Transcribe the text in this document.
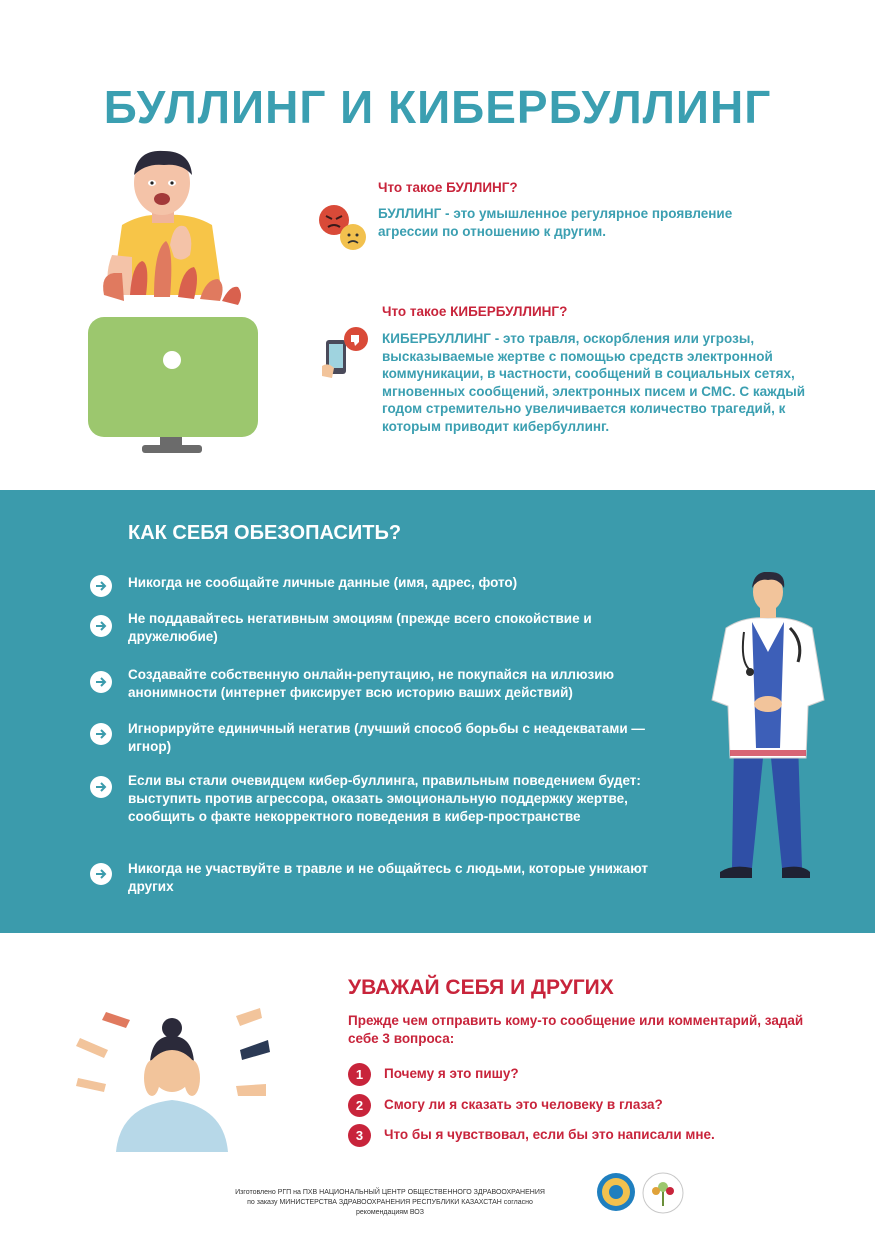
БУЛЛИНГ И КИБЕРБУЛЛИНГ
Что такое БУЛЛИНГ?
БУЛЛИНГ - это умышленное регулярное проявление агрессии по отношению к другим.
Что такое КИБЕРБУЛЛИНГ?
КИБЕРБУЛЛИНГ - это травля, оскорбления или угрозы, высказываемые жертве с помощью средств электронной коммуникации, в частности, сообщений в социальных сетях, мгновенных сообщений, электронных писем и СМС. С каждый годом стремительно увеличивается количество трагедий, к которым приводит кибербуллинг.
КАК СЕБЯ ОБЕЗОПАСИТЬ?
Никогда не сообщайте личные данные (имя, адрес, фото)
Не поддавайтесь негативным эмоциям (прежде всего спокойствие и дружелюбие)
Создавайте собственную онлайн-репутацию, не покупайся на иллюзию анонимности (интернет фиксирует всю историю ваших действий)
Игнорируйте единичный негатив (лучший способ борьбы с неадекватами — игнор)
Если вы стали очевидцем кибер-буллинга, правильным поведением будет: выступить против агрессора, оказать эмоциональную поддержку жертве, сообщить о факте некорректного поведения в кибер-пространстве
Никогда не участвуйте в травле и не общайтесь с людьми, которые унижают других
УВАЖАЙ СЕБЯ И ДРУГИХ
Прежде чем отправить кому-то сообщение или комментарий, задай себе 3 вопроса:
1	Почему я это пишу?
2	Смогу ли я сказать это человеку в глаза?
3	Что бы я чувствовал, если бы это написали мне.
Изготовлено РГП на ПХВ НАЦИОНАЛЬНЫЙ ЦЕНТР ОБЩЕСТВЕННОГО ЗДРАВООХРАНЕНИЯ
по заказу МИНИСТЕРСТВА ЗДРАВООХРАНЕНИЯ РЕСПУБЛИКИ КАЗАХСТАН согласно
рекомендациям ВОЗ
